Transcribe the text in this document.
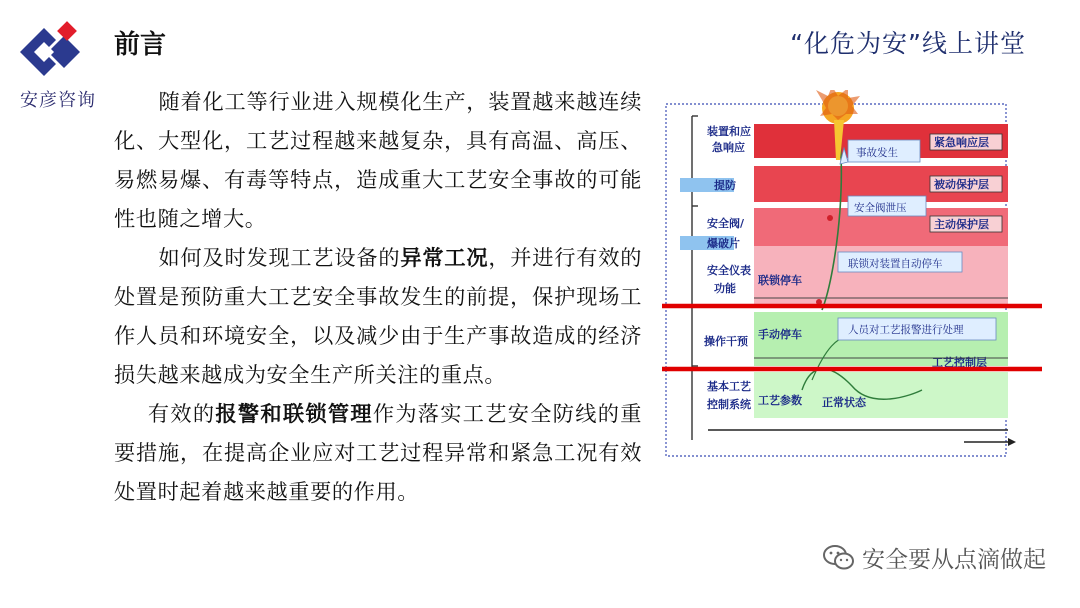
安彦咨询
前言	“化危为安”线上讲堂

随着化工等行业进入规模化生产，装置越来越连续化、大型化，工艺过程越来越复杂，具有高温、高压、易燃易爆、有毒等特点，造成重大工艺安全事故的可能性也随之增大。

如何及时发现工艺设备的异常工况，并进行有效的处置是预防重大工艺安全事故发生的前提，保护现场工作人员和环境安全，以及减少由于生产事故造成的经济损失越来越成为安全生产所关注的重点。

有效的报警和联锁管理作为落实工艺安全防线的重要措施，在提高企业应对工艺过程异常和紧急工况有效处置时起着越来越重要的作用。

装置和应
急响应
提防
安全阀/
爆破片
安全仪表
功能
操作干预
基本工艺
控制系统
紧急响应层
被动保护层
主动保护层
工艺控制层
联锁停车
手动停车
工艺参数 正常状态
事故发生
安全阀泄压
联锁对装置自动停车
人员对工艺报警进行处理
安全要从点滴做起
